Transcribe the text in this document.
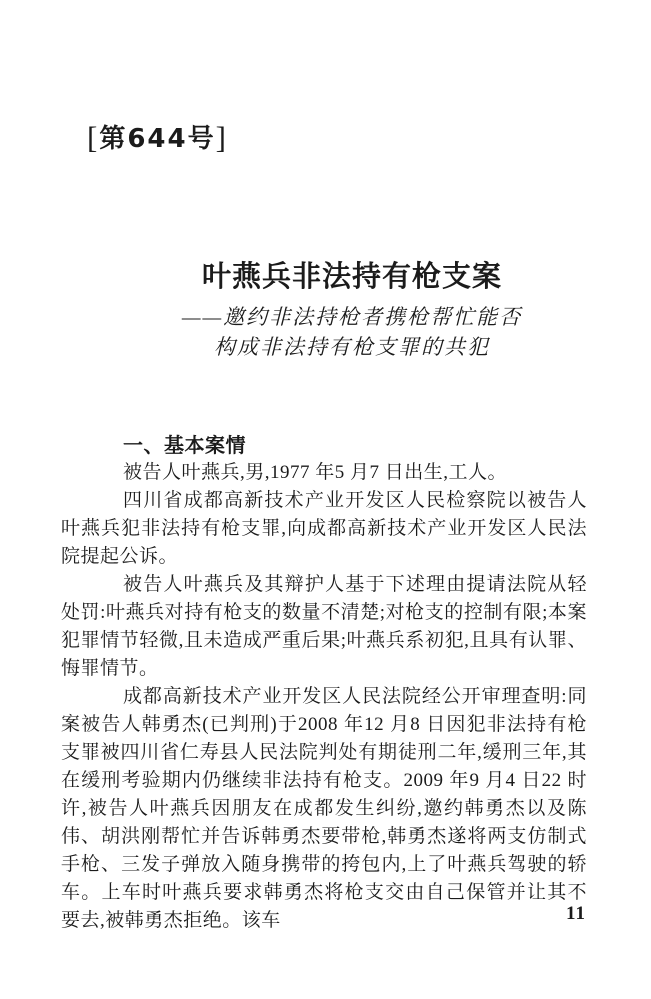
[第644号]
叶燕兵非法持有枪支案
——邀约非法持枪者携枪帮忙能否
构成非法持有枪支罪的共犯
一、基本案情

被告人叶燕兵,男,1977 年5 月7 日出生,工人。

四川省成都高新技术产业开发区人民检察院以被告人叶燕兵犯非法持有枪支罪,向成都高新技术产业开发区人民法院提起公诉。

被告人叶燕兵及其辩护人基于下述理由提请法院从轻处罚:叶燕兵对持有枪支的数量不清楚;对枪支的控制有限;本案犯罪情节轻微,且未造成严重后果;叶燕兵系初犯,且具有认罪、悔罪情节。

成都高新技术产业开发区人民法院经公开审理查明:同案被告人韩勇杰(已判刑)于2008 年12 月8 日因犯非法持有枪支罪被四川省仁寿县人民法院判处有期徒刑二年,缓刑三年,其在缓刑考验期内仍继续非法持有枪支。2009 年9 月4 日22 时许,被告人叶燕兵因朋友在成都发生纠纷,邀约韩勇杰以及陈伟、胡洪刚帮忙并告诉韩勇杰要带枪,韩勇杰遂将两支仿制式手枪、三发子弹放入随身携带的挎包内,上了叶燕兵驾驶的轿车。上车时叶燕兵要求韩勇杰将枪支交由自己保管并让其不要去,被韩勇杰拒绝。该车	11
